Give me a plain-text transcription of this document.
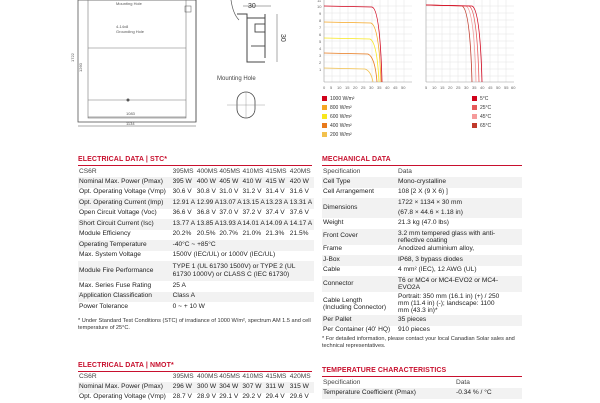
Mounting Hole
4-14x8
Grounding Hole
1083
1134
1722
1260
30
30
Mounting Hole
11
10
9
8
7
6
5
4
3
2
1
0 5 10 15 20 25 30 35 40 45 50	5 10 15 20 25 30 35 40 45 50 55 60
1000 W/m²
800 W/m²
600 W/m²
400 W/m²
200 W/m²
5°C
25°C
45°C
65°C
ELECTRICAL DATA | STC*
CS6R	395MS	400MS	405MS	410MS	415MS	420MS
Nominal Max. Power (Pmax)	395 W	400 W	405 W	410 W	415 W	420 W
Opt. Operating Voltage (Vmp)	30.6 V	30.8 V	31.0 V	31.2 V	31.4 V	31.6 V
Opt. Operating Current (Imp)	12.91 A	12.99 A	13.07 A	13.15 A	13.23 A	13.31 A
Open Circuit Voltage (Voc)	36.6 V	36.8 V	37.0 V	37.2 V	37.4 V	37.6 V
Short Circuit Current (Isc)	13.77 A	13.85 A	13.93 A	14.01 A	14.09 A	14.17 A
Module Efficiency	20.2%	20.5%	20.7%	21.0%	21.3%	21.5%
Operating Temperature	-40°C ~ +85°C					
Max. System Voltage	1500V (IEC/UL) or 1000V (IEC/UL)					
Module Fire Performance	TYPE 1 (UL 61730 1500V) or TYPE 2 (UL 61730 1000V) or CLASS C (IEC 61730)					
Max. Series Fuse Rating	25 A					
Application Classification	Class A					
Power Tolerance	0 ~ + 10 W					
* Under Standard Test Conditions (STC) of irradiance of 1000 W/m², spectrum AM 1.5 and cell temperature of 25°C.
ELECTRICAL DATA | NMOT*
CS6R	395MS	400MS	405MS	410MS	415MS	420MS
Nominal Max. Power (Pmax)	296 W	300 W	304 W	307 W	311 W	315 W
Opt. Operating Voltage (Vmp)	28.7 V	28.9 V	29.1 V	29.2 V	29.4 V	29.6 V
MECHANICAL DATA
Specification	Data
Cell Type	Mono-crystalline
Cell Arrangement	108 [2 X (9 X 6) ]
Dimensions	1722 × 1134 × 30 mm
(67.8 × 44.6 × 1.18 in)
Weight	21.3 kg (47.0 lbs)
Front Cover	3.2 mm tempered glass with anti-
reflective coating
Frame	Anodized aluminium alloy,
J-Box	IP68, 3 bypass diodes
Cable	4 mm² (IEC), 12 AWG (UL)
Connector	T6 or MC4 or MC4-EVO2 or MC4-
EVO2A
Cable Length
(Including Connector)	Portrait: 350 mm (16.1 in) (+) / 250
mm (11.4 in) (-); landscape: 1100
mm (43.3 in)*
Per Pallet	35 pieces
Per Container (40' HQ)	910 pieces
* For detailed information, please contact your local Canadian Solar sales and technical representatives.
TEMPERATURE CHARACTERISTICS
Specification	Data
Temperature Coefficient (Pmax)	-0.34 % / °C
